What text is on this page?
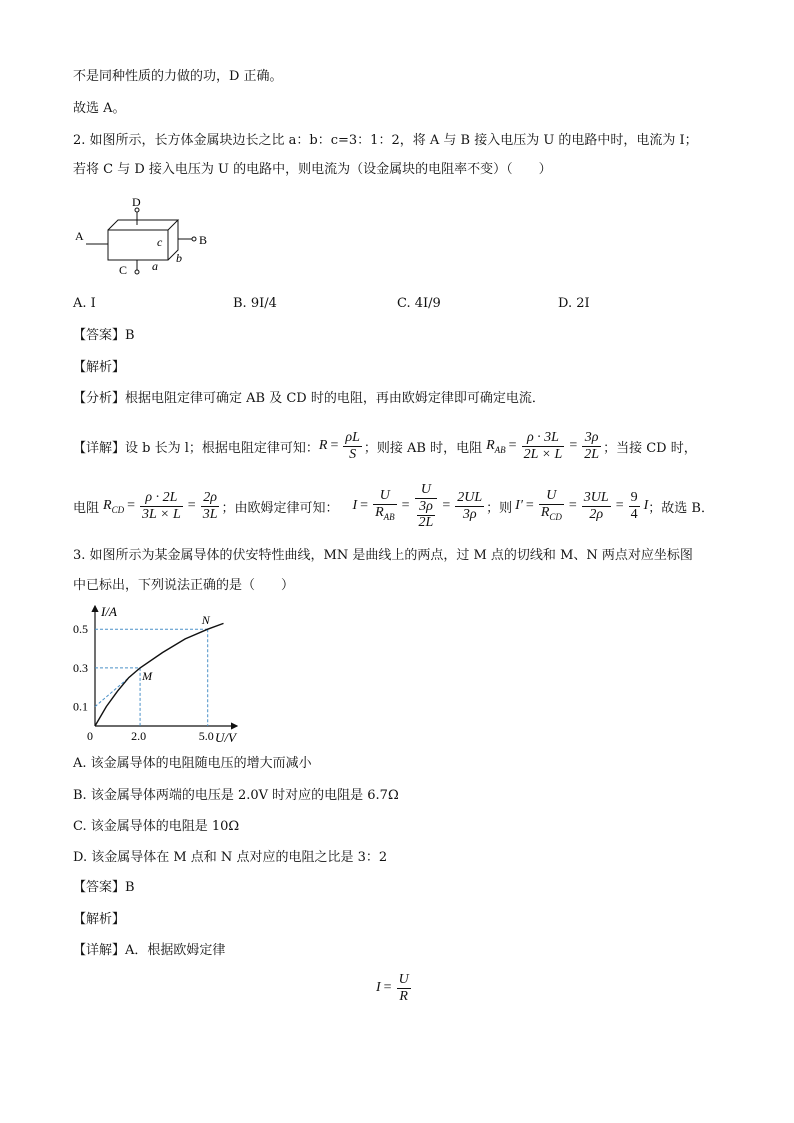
不是同种性质的力做的功，D 正确。
故选 A。
2. 如图所示，长方体金属块边长之比 a：b：c=3：1：2，将 A 与 B 接入电压为 U 的电路中时，电流为 I；
若将 C 与 D 接入电压为 U 的电路中，则电流为（设金属块的电阻率不变）（　　）
D
A	B
C a
b
c
A. I	B. 9I/4	C. 4I/9	D. 2I
【答案】B
【解析】
【分析】根据电阻定律可确定 AB 及 CD 时的电阻，再由欧姆定律即可确定电流．
【详解】设 b 长为 l；根据电阻定律可知： $R = \frac{\rho L}{S}$ ；则接 AB 时，电阻 $R_{AB} = \frac{\rho \cdot 3L}{2L \times L} = \frac{3\rho}{2L}$ ；当接 CD 时，
电阻 $R_{CD} = \frac{\rho \cdot 2L}{3L \times L} = \frac{2\rho}{3L}$ ；由欧姆定律可知： $I = \frac{U}{R_{AB}} = \frac{U}{\frac{3\rho}{2L}} = \frac{2UL}{3\rho}$ ；则 $I' = \frac{U}{R_{CD}} = \frac{3UL}{2\rho} = \frac{9}{4}$ I ；故选 B．
3. 如图所示为某金属导体的伏安特性曲线，MN 是曲线上的两点，过 M 点的切线和 M、N 两点对应坐标图
中已标出，下列说法正确的是（　　）
0	2.0	5.0
0.5
0.3
0.1
M
N
I/A
U/V
A. 该金属导体的电阻随电压的增大而减小
B. 该金属导体两端的电压是 2.0V 时对应的电阻是 6.7Ω
C. 该金属导体的电阻是 10Ω
D. 该金属导体在 M 点和 N 点对应的电阻之比是 3：2
【答案】B
【解析】
【详解】A．根据欧姆定律
$I = \frac{U}{R}$
